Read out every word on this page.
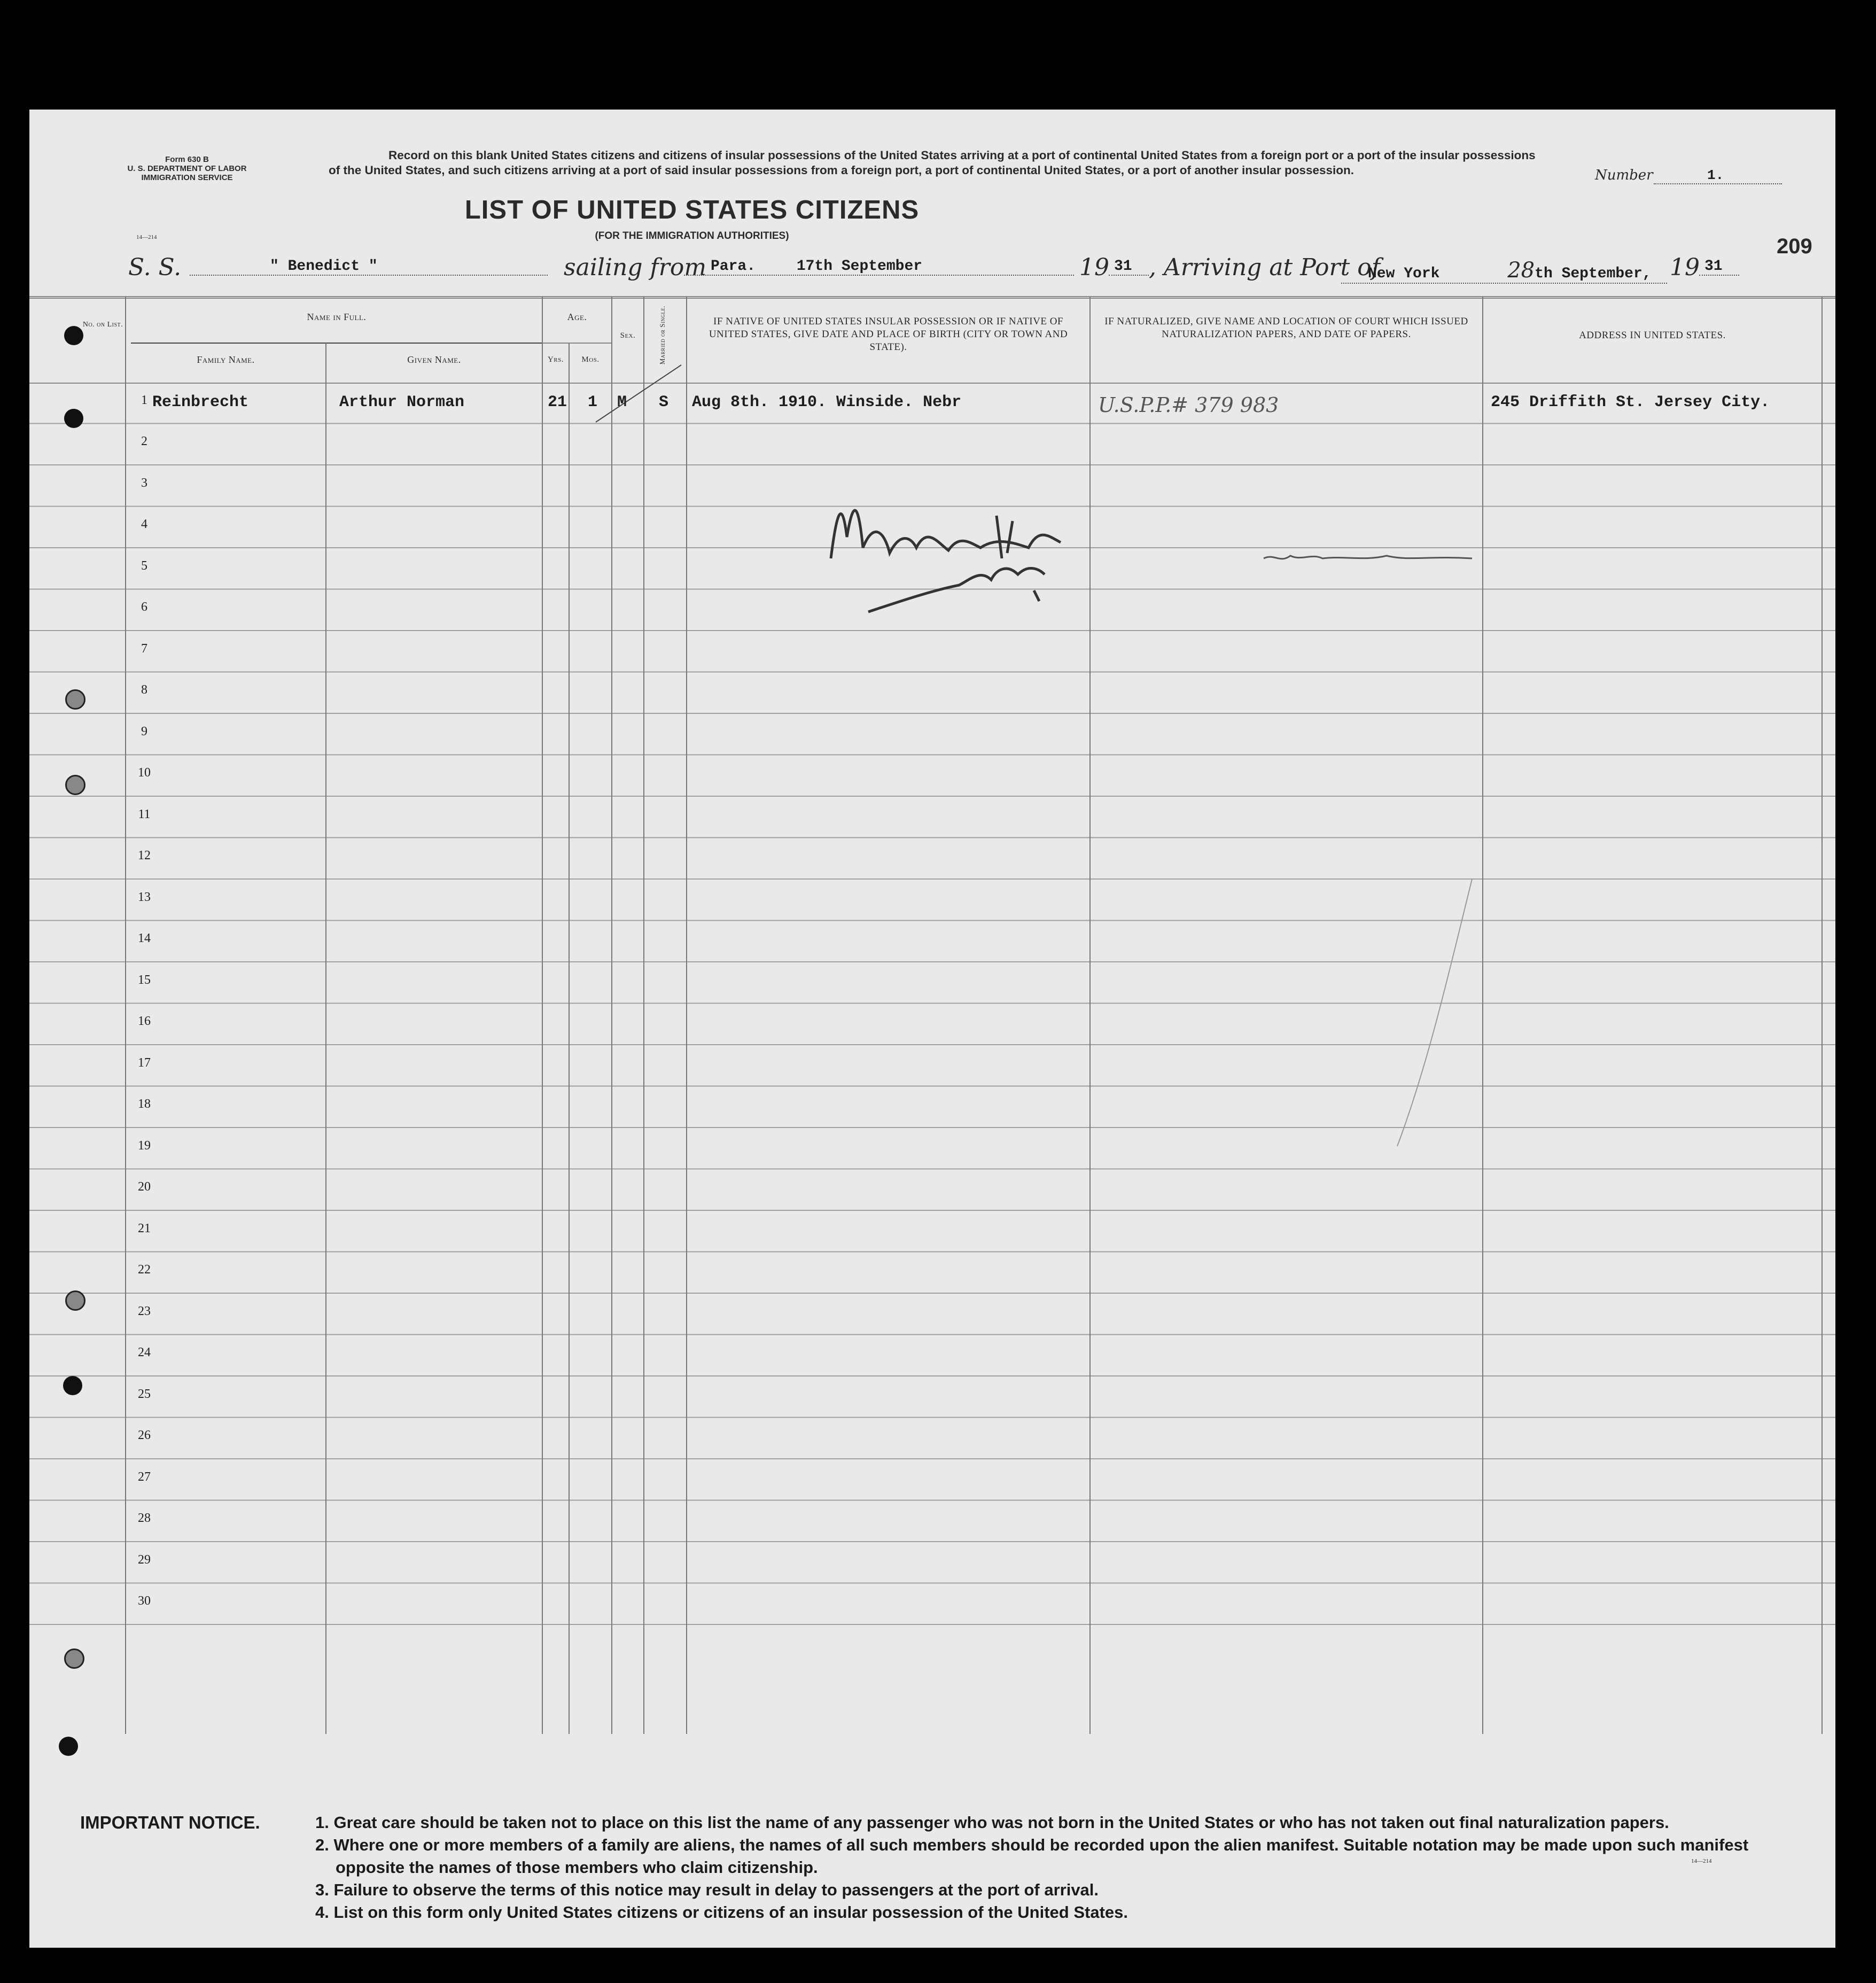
Form 630 B
U. S. DEPARTMENT OF LABOR
IMMIGRATION SERVICE
14—214
Record on this blank United States citizens and citizens of insular possessions of the United States arriving at a port of continental United States from a foreign port or a port of the insular possessions of the United States, and such citizens arriving at a port of said insular possessions from a foreign port, a port of continental United States, or a port of another insular possession.	Number	1.
LIST OF UNITED STATES CITIZENS
(FOR THE IMMIGRATION AUTHORITIES)	209
S. S.	" Benedict "	sailing from Para.	17th September	19 31 , Arriving at Port of
New York	28th September, 19 31
No. on List.
Name in Full.
Family Name.	Given Name.
Age.
Yrs.	Mos.
Sex.	Married or Single.	IF NATIVE OF UNITED STATES INSULAR POSSESSION OR IF NATIVE OF UNITED STATES, GIVE DATE AND PLACE OF BIRTH (CITY OR TOWN AND STATE).
IF NATURALIZED, GIVE NAME AND LOCATION OF COURT WHICH ISSUED NATURALIZATION PAPERS, AND DATE OF PAPERS.	ADDRESS IN UNITED STATES.
1 Reinbrecht	Arthur Norman	21 1	M	S	Aug 8th. 1910. Winside. Nebr	U.S.P.P.# 379 983	245 Driffith St. Jersey City.
2
3
4
5
6
7
8
9
10
11
12
13
14
15
16
17
18
19
20
21
22
23
24
25
26
27
28
29
30
IMPORTANT NOTICE.	1. Great care should be taken not to place on this list the name of any passenger who was not born in the United States or who has not taken out final naturalization papers.
2. Where one or more members of a family are aliens, the names of all such members should be recorded upon the alien manifest. Suitable notation may be made upon such manifest opposite the names of those members who claim citizenship.
3. Failure to observe the terms of this notice may result in delay to passengers at the port of arrival.
4. List on this form only United States citizens or citizens of an insular possession of the United States.
14—214
